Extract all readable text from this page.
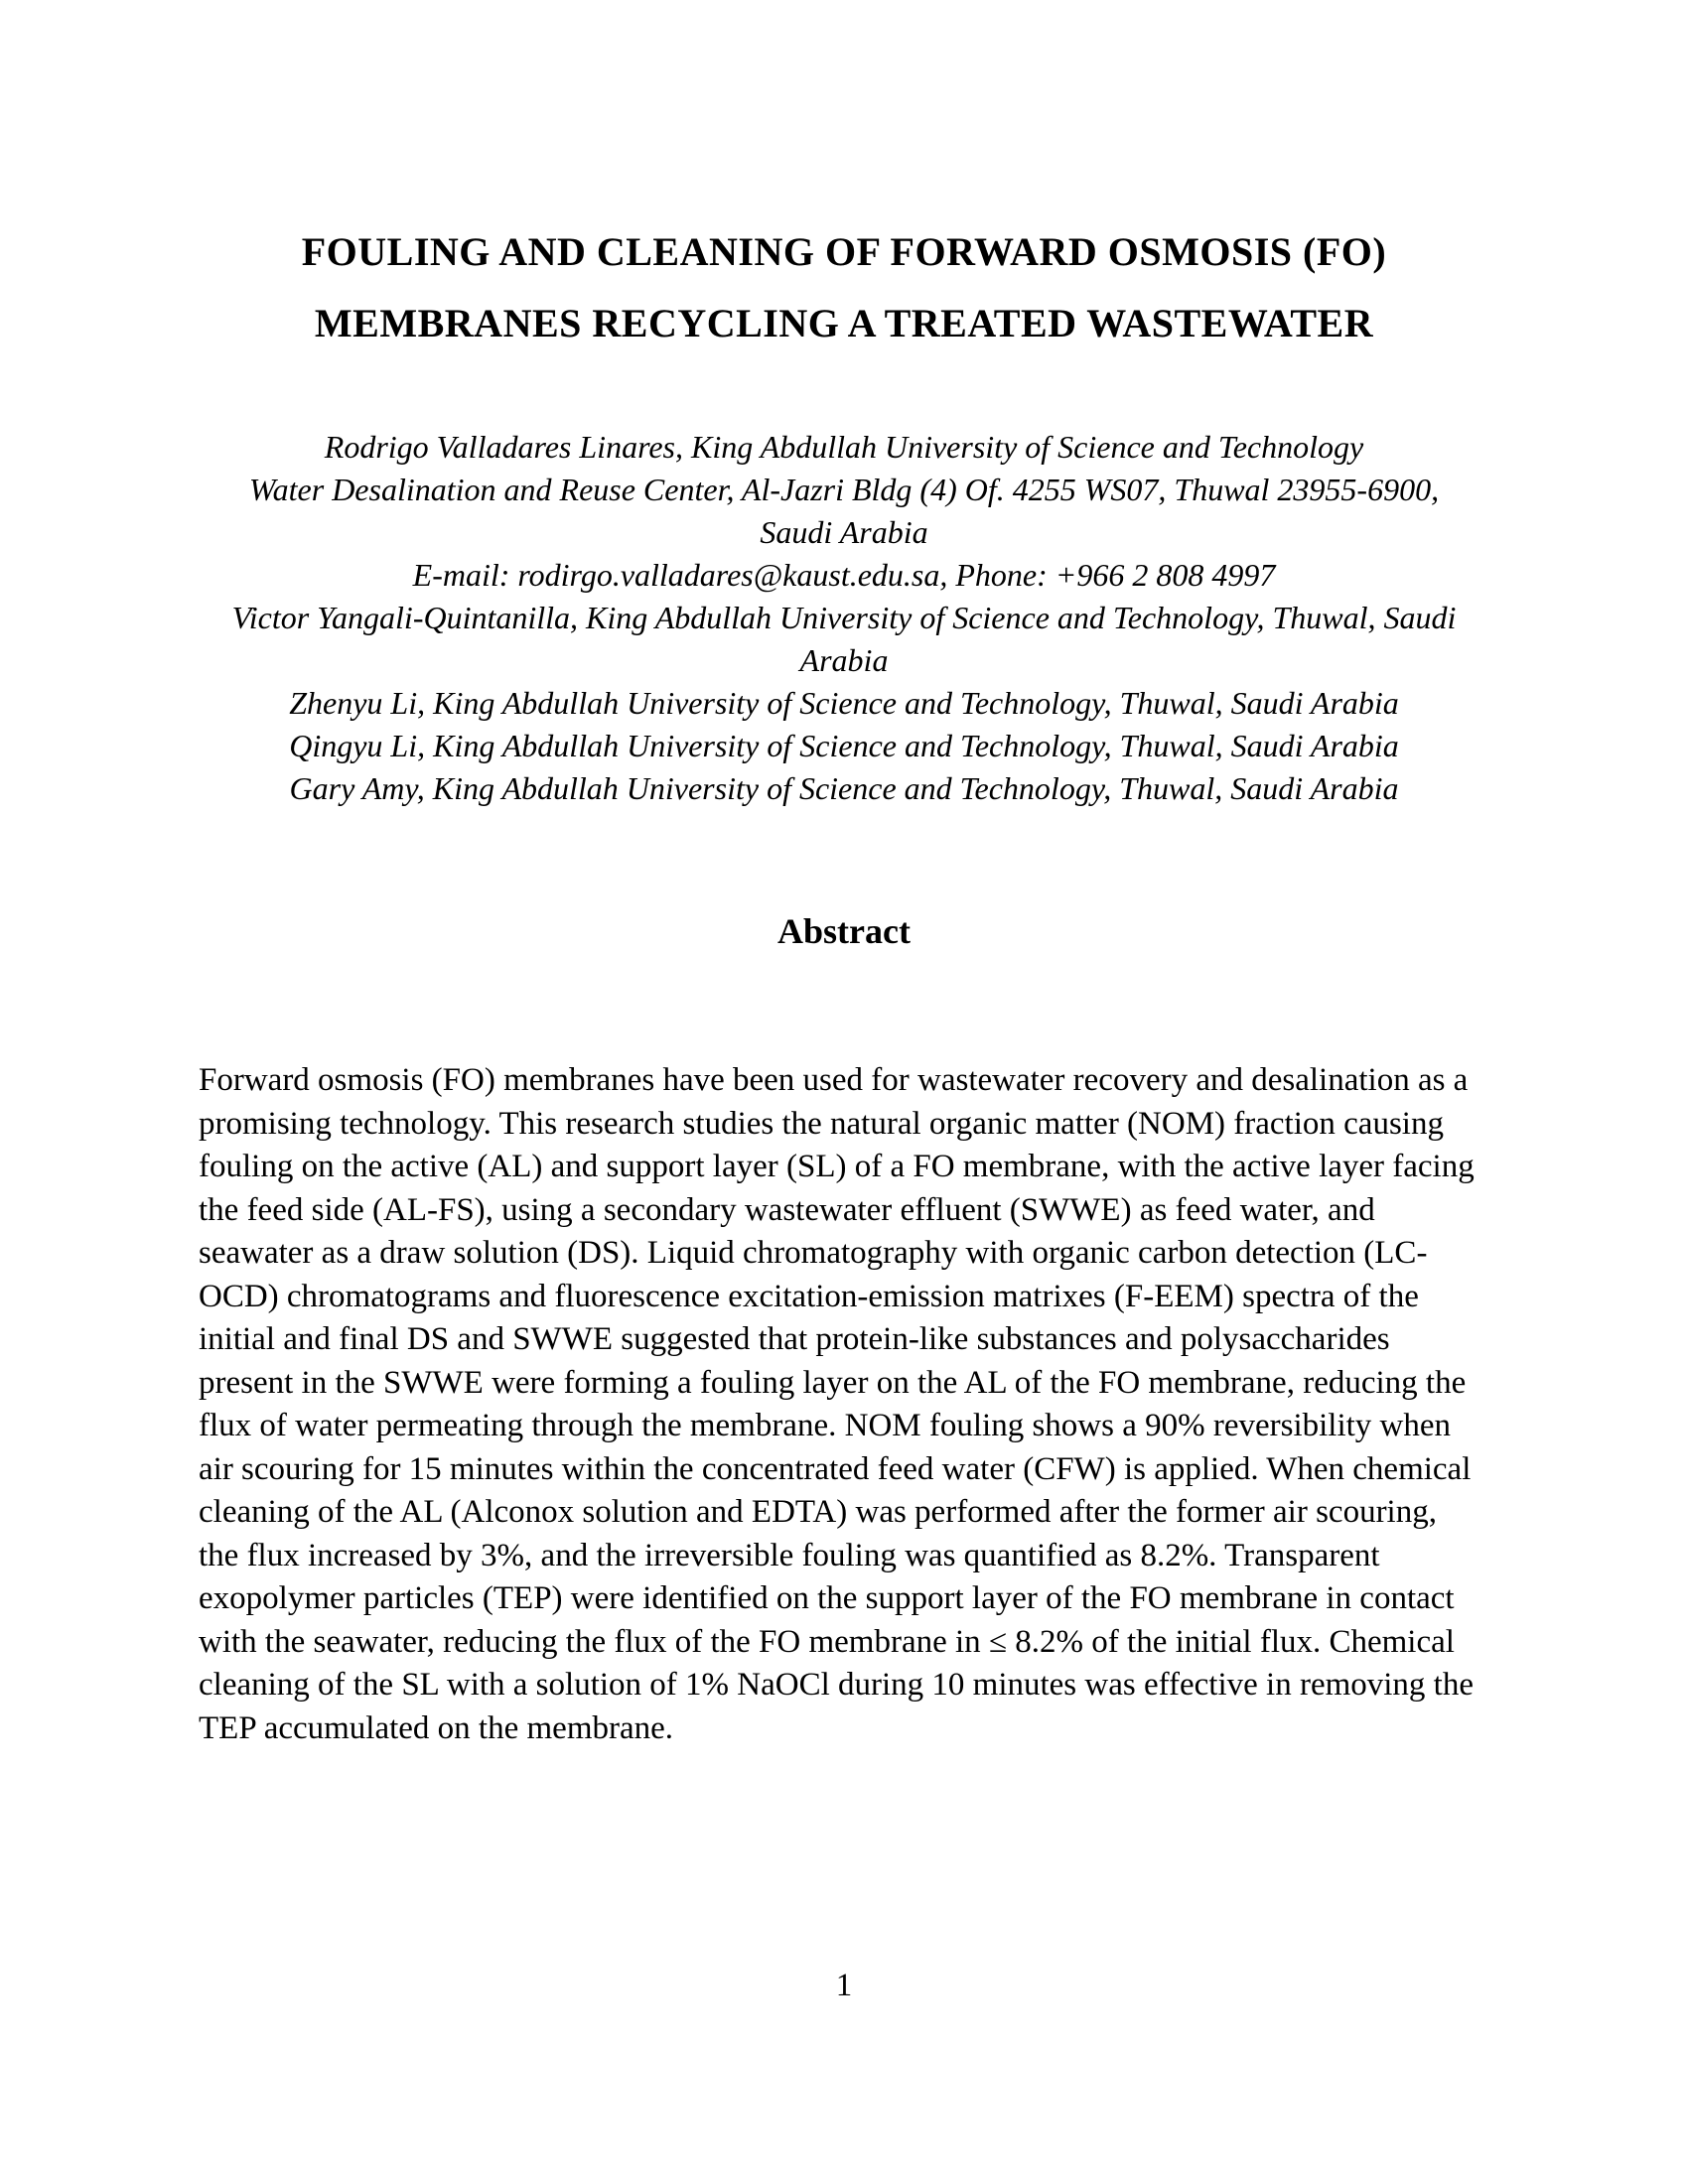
FOULING AND CLEANING OF FORWARD OSMOSIS (FO)
MEMBRANES RECYCLING A TREATED WASTEWATER
Rodrigo Valladares Linares, King Abdullah University of Science and Technology
Water Desalination and Reuse Center, Al-Jazri Bldg (4) Of. 4255 WS07, Thuwal 23955-6900,
Saudi Arabia
E-mail: rodirgo.valladares@kaust.edu.sa, Phone: +966 2 808 4997
Victor Yangali-Quintanilla, King Abdullah University of Science and Technology, Thuwal, Saudi
Arabia
Zhenyu Li, King Abdullah University of Science and Technology, Thuwal, Saudi Arabia
Qingyu Li, King Abdullah University of Science and Technology, Thuwal, Saudi Arabia
Gary Amy, King Abdullah University of Science and Technology, Thuwal, Saudi Arabia
Abstract
Forward osmosis (FO) membranes have been used for wastewater recovery and desalination as a
promising technology. This research studies the natural organic matter (NOM) fraction causing
fouling on the active (AL) and support layer (SL) of a FO membrane, with the active layer facing
the feed side (AL-FS), using a secondary wastewater effluent (SWWE) as feed water, and
seawater as a draw solution (DS). Liquid chromatography with organic carbon detection (LC-
OCD) chromatograms and fluorescence excitation-emission matrixes (F-EEM) spectra of the
initial and final DS and SWWE suggested that protein-like substances and polysaccharides
present in the SWWE were forming a fouling layer on the AL of the FO membrane, reducing the
flux of water permeating through the membrane. NOM fouling shows a 90% reversibility when
air scouring for 15 minutes within the concentrated feed water (CFW) is applied. When chemical
cleaning of the AL (Alconox solution and EDTA) was performed after the former air scouring,
the flux increased by 3%, and the irreversible fouling was quantified as 8.2%. Transparent
exopolymer particles (TEP) were identified on the support layer of the FO membrane in contact
with the seawater, reducing the flux of the FO membrane in ≤ 8.2% of the initial flux. Chemical
cleaning of the SL with a solution of 1% NaOCl during 10 minutes was effective in removing the
TEP accumulated on the membrane.
1
